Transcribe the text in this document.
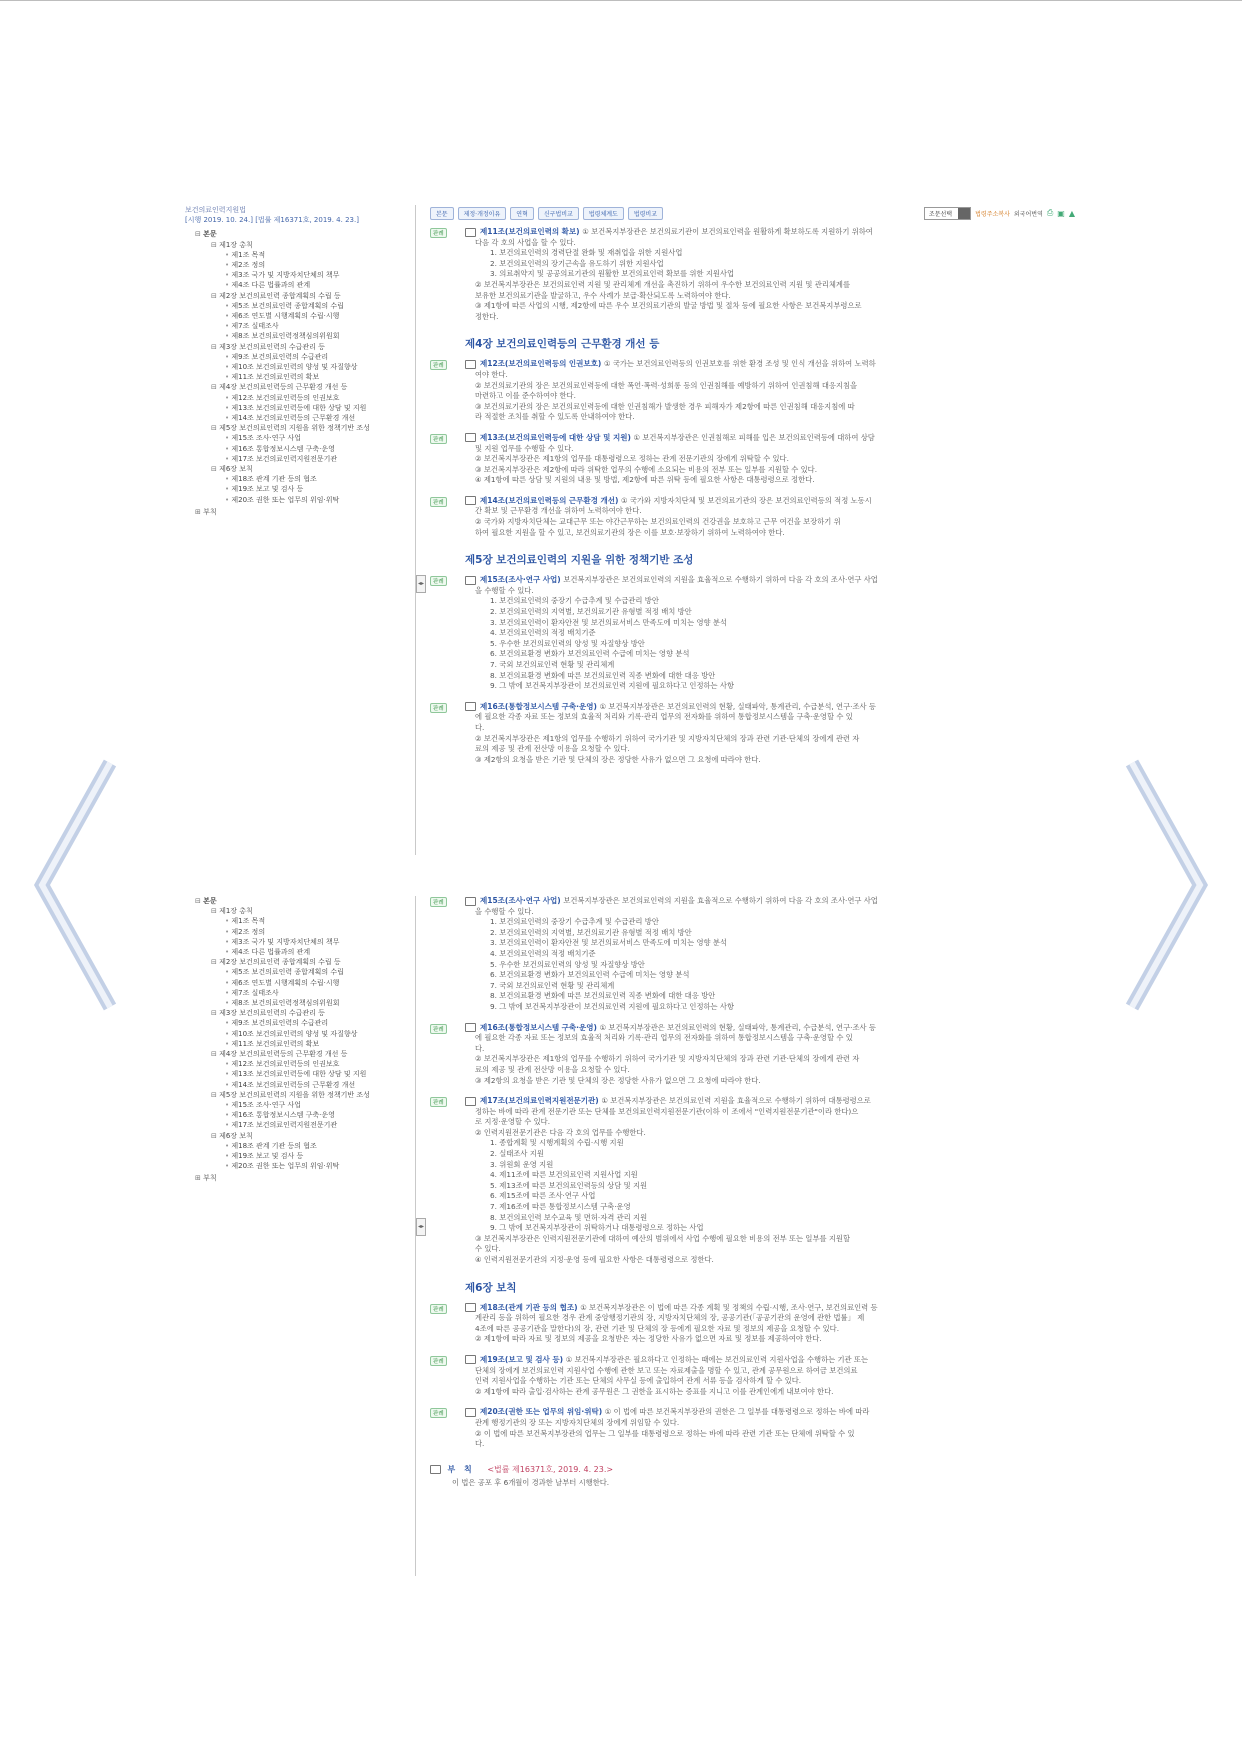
보건의료인력지원법
[시행 2019. 10. 24.] [법률 제16371호, 2019. 4. 23.]
⊟ 본문
⊟ 제1장 총칙
• 제1조 목적
• 제2조 정의
• 제3조 국가 및 지방자치단체의 책무
• 제4조 다른 법률과의 관계
⊟ 제2장 보건의료인력 종합계획의 수립 등
• 제5조 보건의료인력 종합계획의 수립
• 제6조 연도별 시행계획의 수립·시행
• 제7조 실태조사
• 제8조 보건의료인력정책심의위원회
⊟ 제3장 보건의료인력의 수급관리 등
• 제9조 보건의료인력의 수급관리
• 제10조 보건의료인력의 양성 및 자질향상
• 제11조 보건의료인력의 확보
⊟ 제4장 보건의료인력등의 근무환경 개선 등
• 제12조 보건의료인력등의 인권보호
• 제13조 보건의료인력등에 대한 상담 및 지원
• 제14조 보건의료인력등의 근무환경 개선
⊟ 제5장 보건의료인력의 지원을 위한 정책기반 조성
• 제15조 조사·연구 사업
• 제16조 통합정보시스템 구축·운영
• 제17조 보건의료인력지원전문기관
⊟ 제6장 보칙
• 제18조 관계 기관 등의 협조
• 제19조 보고 및 검사 등
• 제20조 권한 또는 업무의 위임·위탁
⊞ 부칙
◂▸
본문	제정·개정이유	연혁	신구법비교	법령체계도	법령비교	조문선택	법령주소복사 외국어번역 ⎙ ▣ ▲
판례	제11조(보건의료인력의 확보) ① 보건복지부장관은 보건의료기관이 보건의료인력을 원활하게 확보하도록 지원하기 위하여
다음 각 호의 사업을 할 수 있다.
1. 보건의료인력의 경력단절 완화 및 재취업을 위한 지원사업
2. 보건의료인력의 장기근속을 유도하기 위한 지원사업
3. 의료취약지 및 공공의료기관의 원활한 보건의료인력 확보를 위한 지원사업
② 보건복지부장관은 보건의료인력 지원 및 관리체계 개선을 촉진하기 위하여 우수한 보건의료인력 지원 및 관리체계를
보유한 보건의료기관을 발굴하고, 우수 사례가 보급·확산되도록 노력하여야 한다.
③ 제1항에 따른 사업의 시행, 제2항에 따른 우수 보건의료기관의 발굴 방법 및 절차 등에 필요한 사항은 보건복지부령으로
정한다.
제4장 보건의료인력등의 근무환경 개선 등
판례	제12조(보건의료인력등의 인권보호) ① 국가는 보건의료인력등의 인권보호를 위한 환경 조성 및 인식 개선을 위하여 노력하
여야 한다.
② 보건의료기관의 장은 보건의료인력등에 대한 폭언·폭력·성희롱 등의 인권침해를 예방하기 위하여 인권침해 대응지침을
마련하고 이를 준수하여야 한다.
③ 보건의료기관의 장은 보건의료인력등에 대한 인권침해가 발생한 경우 피해자가 제2항에 따른 인권침해 대응지침에 따
라 적절한 조치를 취할 수 있도록 안내하여야 한다.
판례	제13조(보건의료인력등에 대한 상담 및 지원) ① 보건복지부장관은 인권침해로 피해를 입은 보건의료인력등에 대하여 상담
및 지원 업무를 수행할 수 있다.
② 보건복지부장관은 제1항의 업무를 대통령령으로 정하는 관계 전문기관의 장에게 위탁할 수 있다.
③ 보건복지부장관은 제2항에 따라 위탁한 업무의 수행에 소요되는 비용의 전부 또는 일부를 지원할 수 있다.
④ 제1항에 따른 상담 및 지원의 내용 및 방법, 제2항에 따른 위탁 등에 필요한 사항은 대통령령으로 정한다.
판례	제14조(보건의료인력등의 근무환경 개선) ① 국가와 지방자치단체 및 보건의료기관의 장은 보건의료인력등의 적정 노동시
간 확보 및 근무환경 개선을 위하여 노력하여야 한다.
② 국가와 지방자치단체는 교대근무 또는 야간근무하는 보건의료인력의 건강권을 보호하고 근무 여건을 보장하기 위
하여 필요한 지원을 할 수 있고, 보건의료기관의 장은 이를 보호·보장하기 위하여 노력하여야 한다.
제5장 보건의료인력의 지원을 위한 정책기반 조성
판례	제15조(조사·연구 사업) 보건복지부장관은 보건의료인력의 지원을 효율적으로 수행하기 위하여 다음 각 호의 조사·연구 사업
을 수행할 수 있다.
1. 보건의료인력의 중장기 수급추계 및 수급관리 방안
2. 보건의료인력의 지역별, 보건의료기관 유형별 적정 배치 방안
3. 보건의료인력이 환자안전 및 보건의료서비스 만족도에 미치는 영향 분석
4. 보건의료인력의 적정 배치기준
5. 우수한 보건의료인력의 양성 및 자질향상 방안
6. 보건의료환경 변화가 보건의료인력 수급에 미치는 영향 분석
7. 국외 보건의료인력 현황 및 관리체계
8. 보건의료환경 변화에 따른 보건의료인력 직종 변화에 대한 대응 방안
9. 그 밖에 보건복지부장관이 보건의료인력 지원에 필요하다고 인정하는 사항
판례	제16조(통합정보시스템 구축·운영) ① 보건복지부장관은 보건의료인력의 현황, 실태파악, 통계관리, 수급분석, 연구·조사 등
에 필요한 각종 자료 또는 정보의 효율적 처리와 기록·관리 업무의 전자화를 위하여 통합정보시스템을 구축·운영할 수 있
다.
② 보건복지부장관은 제1항의 업무를 수행하기 위하여 국가기관 및 지방자치단체의 장과 관련 기관·단체의 장에게 관련 자
료의 제공 및 관계 전산망 이용을 요청할 수 있다.
③ 제2항의 요청을 받은 기관 및 단체의 장은 정당한 사유가 없으면 그 요청에 따라야 한다.
⊟ 본문
⊟ 제1장 총칙
• 제1조 목적
• 제2조 정의
• 제3조 국가 및 지방자치단체의 책무
• 제4조 다른 법률과의 관계
⊟ 제2장 보건의료인력 종합계획의 수립 등
• 제5조 보건의료인력 종합계획의 수립
• 제6조 연도별 시행계획의 수립·시행
• 제7조 실태조사
• 제8조 보건의료인력정책심의위원회
⊟ 제3장 보건의료인력의 수급관리 등
• 제9조 보건의료인력의 수급관리
• 제10조 보건의료인력의 양성 및 자질향상
• 제11조 보건의료인력의 확보
⊟ 제4장 보건의료인력등의 근무환경 개선 등
• 제12조 보건의료인력등의 인권보호
• 제13조 보건의료인력등에 대한 상담 및 지원
• 제14조 보건의료인력등의 근무환경 개선
⊟ 제5장 보건의료인력의 지원을 위한 정책기반 조성
• 제15조 조사·연구 사업
• 제16조 통합정보시스템 구축·운영
• 제17조 보건의료인력지원전문기관
⊟ 제6장 보칙
• 제18조 관계 기관 등의 협조
• 제19조 보고 및 검사 등
• 제20조 권한 또는 업무의 위임·위탁
⊞ 부칙
◂▸
판례	제15조(조사·연구 사업) 보건복지부장관은 보건의료인력의 지원을 효율적으로 수행하기 위하여 다음 각 호의 조사·연구 사업
을 수행할 수 있다.
1. 보건의료인력의 중장기 수급추계 및 수급관리 방안
2. 보건의료인력의 지역별, 보건의료기관 유형별 적정 배치 방안
3. 보건의료인력이 환자안전 및 보건의료서비스 만족도에 미치는 영향 분석
4. 보건의료인력의 적정 배치기준
5. 우수한 보건의료인력의 양성 및 자질향상 방안
6. 보건의료환경 변화가 보건의료인력 수급에 미치는 영향 분석
7. 국외 보건의료인력 현황 및 관리체계
8. 보건의료환경 변화에 따른 보건의료인력 직종 변화에 대한 대응 방안
9. 그 밖에 보건복지부장관이 보건의료인력 지원에 필요하다고 인정하는 사항
판례	제16조(통합정보시스템 구축·운영) ① 보건복지부장관은 보건의료인력의 현황, 실태파악, 통계관리, 수급분석, 연구·조사 등
에 필요한 각종 자료 또는 정보의 효율적 처리와 기록·관리 업무의 전자화를 위하여 통합정보시스템을 구축·운영할 수 있
다.
② 보건복지부장관은 제1항의 업무를 수행하기 위하여 국가기관 및 지방자치단체의 장과 관련 기관·단체의 장에게 관련 자
료의 제공 및 관계 전산망 이용을 요청할 수 있다.
③ 제2항의 요청을 받은 기관 및 단체의 장은 정당한 사유가 없으면 그 요청에 따라야 한다.
판례	제17조(보건의료인력지원전문기관) ① 보건복지부장관은 보건의료인력 지원을 효율적으로 수행하기 위하여 대통령령으로
정하는 바에 따라 관계 전문기관 또는 단체를 보건의료인력지원전문기관(이하 이 조에서 "인력지원전문기관"이라 한다)으
로 지정·운영할 수 있다.
② 인력지원전문기관은 다음 각 호의 업무를 수행한다.
1. 종합계획 및 시행계획의 수립·시행 지원
2. 실태조사 지원
3. 위원회 운영 지원
4. 제11조에 따른 보건의료인력 지원사업 지원
5. 제13조에 따른 보건의료인력등의 상담 및 지원
6. 제15조에 따른 조사·연구 사업
7. 제16조에 따른 통합정보시스템 구축·운영
8. 보건의료인력 보수교육 및 면허·자격 관리 지원
9. 그 밖에 보건복지부장관이 위탁하거나 대통령령으로 정하는 사업
③ 보건복지부장관은 인력지원전문기관에 대하여 예산의 범위에서 사업 수행에 필요한 비용의 전부 또는 일부를 지원할
수 있다.
④ 인력지원전문기관의 지정·운영 등에 필요한 사항은 대통령령으로 정한다.
제6장 보칙
판례	제18조(관계 기관 등의 협조) ① 보건복지부장관은 이 법에 따른 각종 계획 및 정책의 수립·시행, 조사·연구, 보건의료인력 등
계관리 등을 위하여 필요한 경우 관계 중앙행정기관의 장, 지방자치단체의 장, 공공기관(「공공기관의 운영에 관한 법률」 제
4조에 따른 공공기관을 말한다)의 장, 관련 기관 및 단체의 장 등에게 필요한 자료 및 정보의 제공을 요청할 수 있다.
② 제1항에 따라 자료 및 정보의 제공을 요청받은 자는 정당한 사유가 없으면 자료 및 정보를 제공하여야 한다.
판례	제19조(보고 및 검사 등) ① 보건복지부장관은 필요하다고 인정하는 때에는 보건의료인력 지원사업을 수행하는 기관 또는
단체의 장에게 보건의료인력 지원사업 수행에 관한 보고 또는 자료제출을 명할 수 있고, 관계 공무원으로 하여금 보건의료
인력 지원사업을 수행하는 기관 또는 단체의 사무실 등에 출입하여 관계 서류 등을 검사하게 할 수 있다.
② 제1항에 따라 출입·검사하는 관계 공무원은 그 권한을 표시하는 증표를 지니고 이를 관계인에게 내보여야 한다.
판례	제20조(권한 또는 업무의 위임·위탁) ① 이 법에 따른 보건복지부장관의 권한은 그 일부를 대통령령으로 정하는 바에 따라
관계 행정기관의 장 또는 지방자치단체의 장에게 위임할 수 있다.
② 이 법에 따른 보건복지부장관의 업무는 그 일부를 대통령령으로 정하는 바에 따라 관련 기관 또는 단체에 위탁할 수 있
다.
부 칙 <법률 제16371호, 2019. 4. 23.>
이 법은 공포 후 6개월이 경과한 날부터 시행한다.
